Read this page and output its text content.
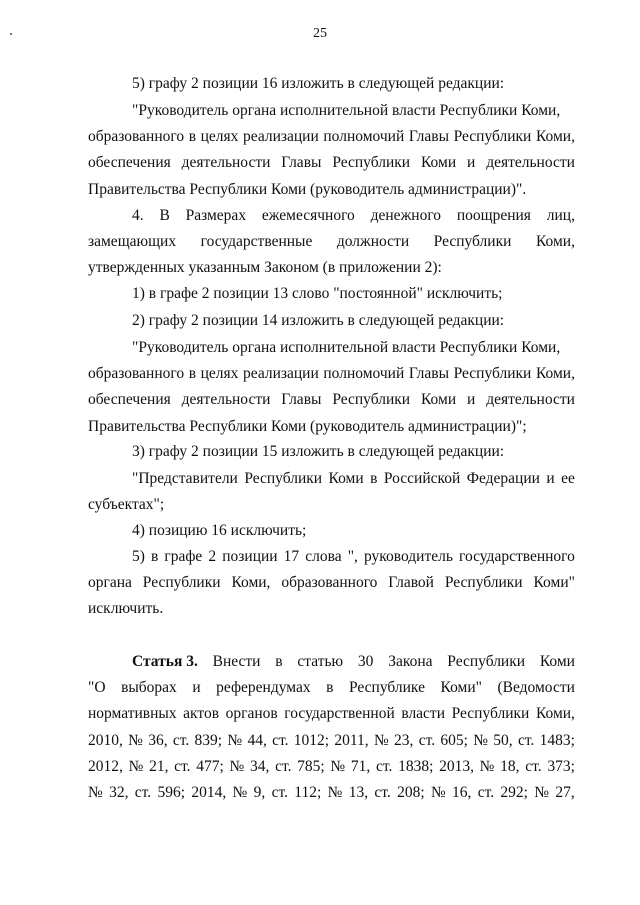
25
5) графу 2 позиции 16 изложить в следующей редакции:
"Руководитель органа исполнительной власти Республики Коми,
образованного в целях реализации полномочий Главы Республики Коми,
обеспечения деятельности Главы Республики Коми и деятельности
Правительства Республики Коми (руководитель администрации)".
4. В Размерах ежемесячного денежного поощрения лиц,
замещающих государственные должности Республики Коми,
утвержденных указанным Законом (в приложении 2):
1) в графе 2 позиции 13 слово "постоянной" исключить;
2) графу 2 позиции 14 изложить в следующей редакции:
"Руководитель органа исполнительной власти Республики Коми,
образованного в целях реализации полномочий Главы Республики Коми,
обеспечения деятельности Главы Республики Коми и деятельности
Правительства Республики Коми (руководитель администрации)";
3) графу 2 позиции 15 изложить в следующей редакции:
"Представители Республики Коми в Российской Федерации и ее
субъектах";
4) позицию 16 исключить;
5) в графе 2 позиции 17 слова ", руководитель государственного
органа Республики Коми, образованного Главой Республики Коми"
исключить.
Статья 3. Внести в статью 30 Закона Республики Коми
"О выборах и референдумах в Республике Коми" (Ведомости
нормативных актов органов государственной власти Республики Коми,
2010, № 36, ст. 839; № 44, ст. 1012; 2011, № 23, ст. 605; № 50, ст. 1483;
2012, № 21, ст. 477; № 34, ст. 785; № 71, ст. 1838; 2013, № 18, ст. 373;
№ 32, ст. 596; 2014, № 9, ст. 112; № 13, ст. 208; № 16, ст. 292; № 27,
